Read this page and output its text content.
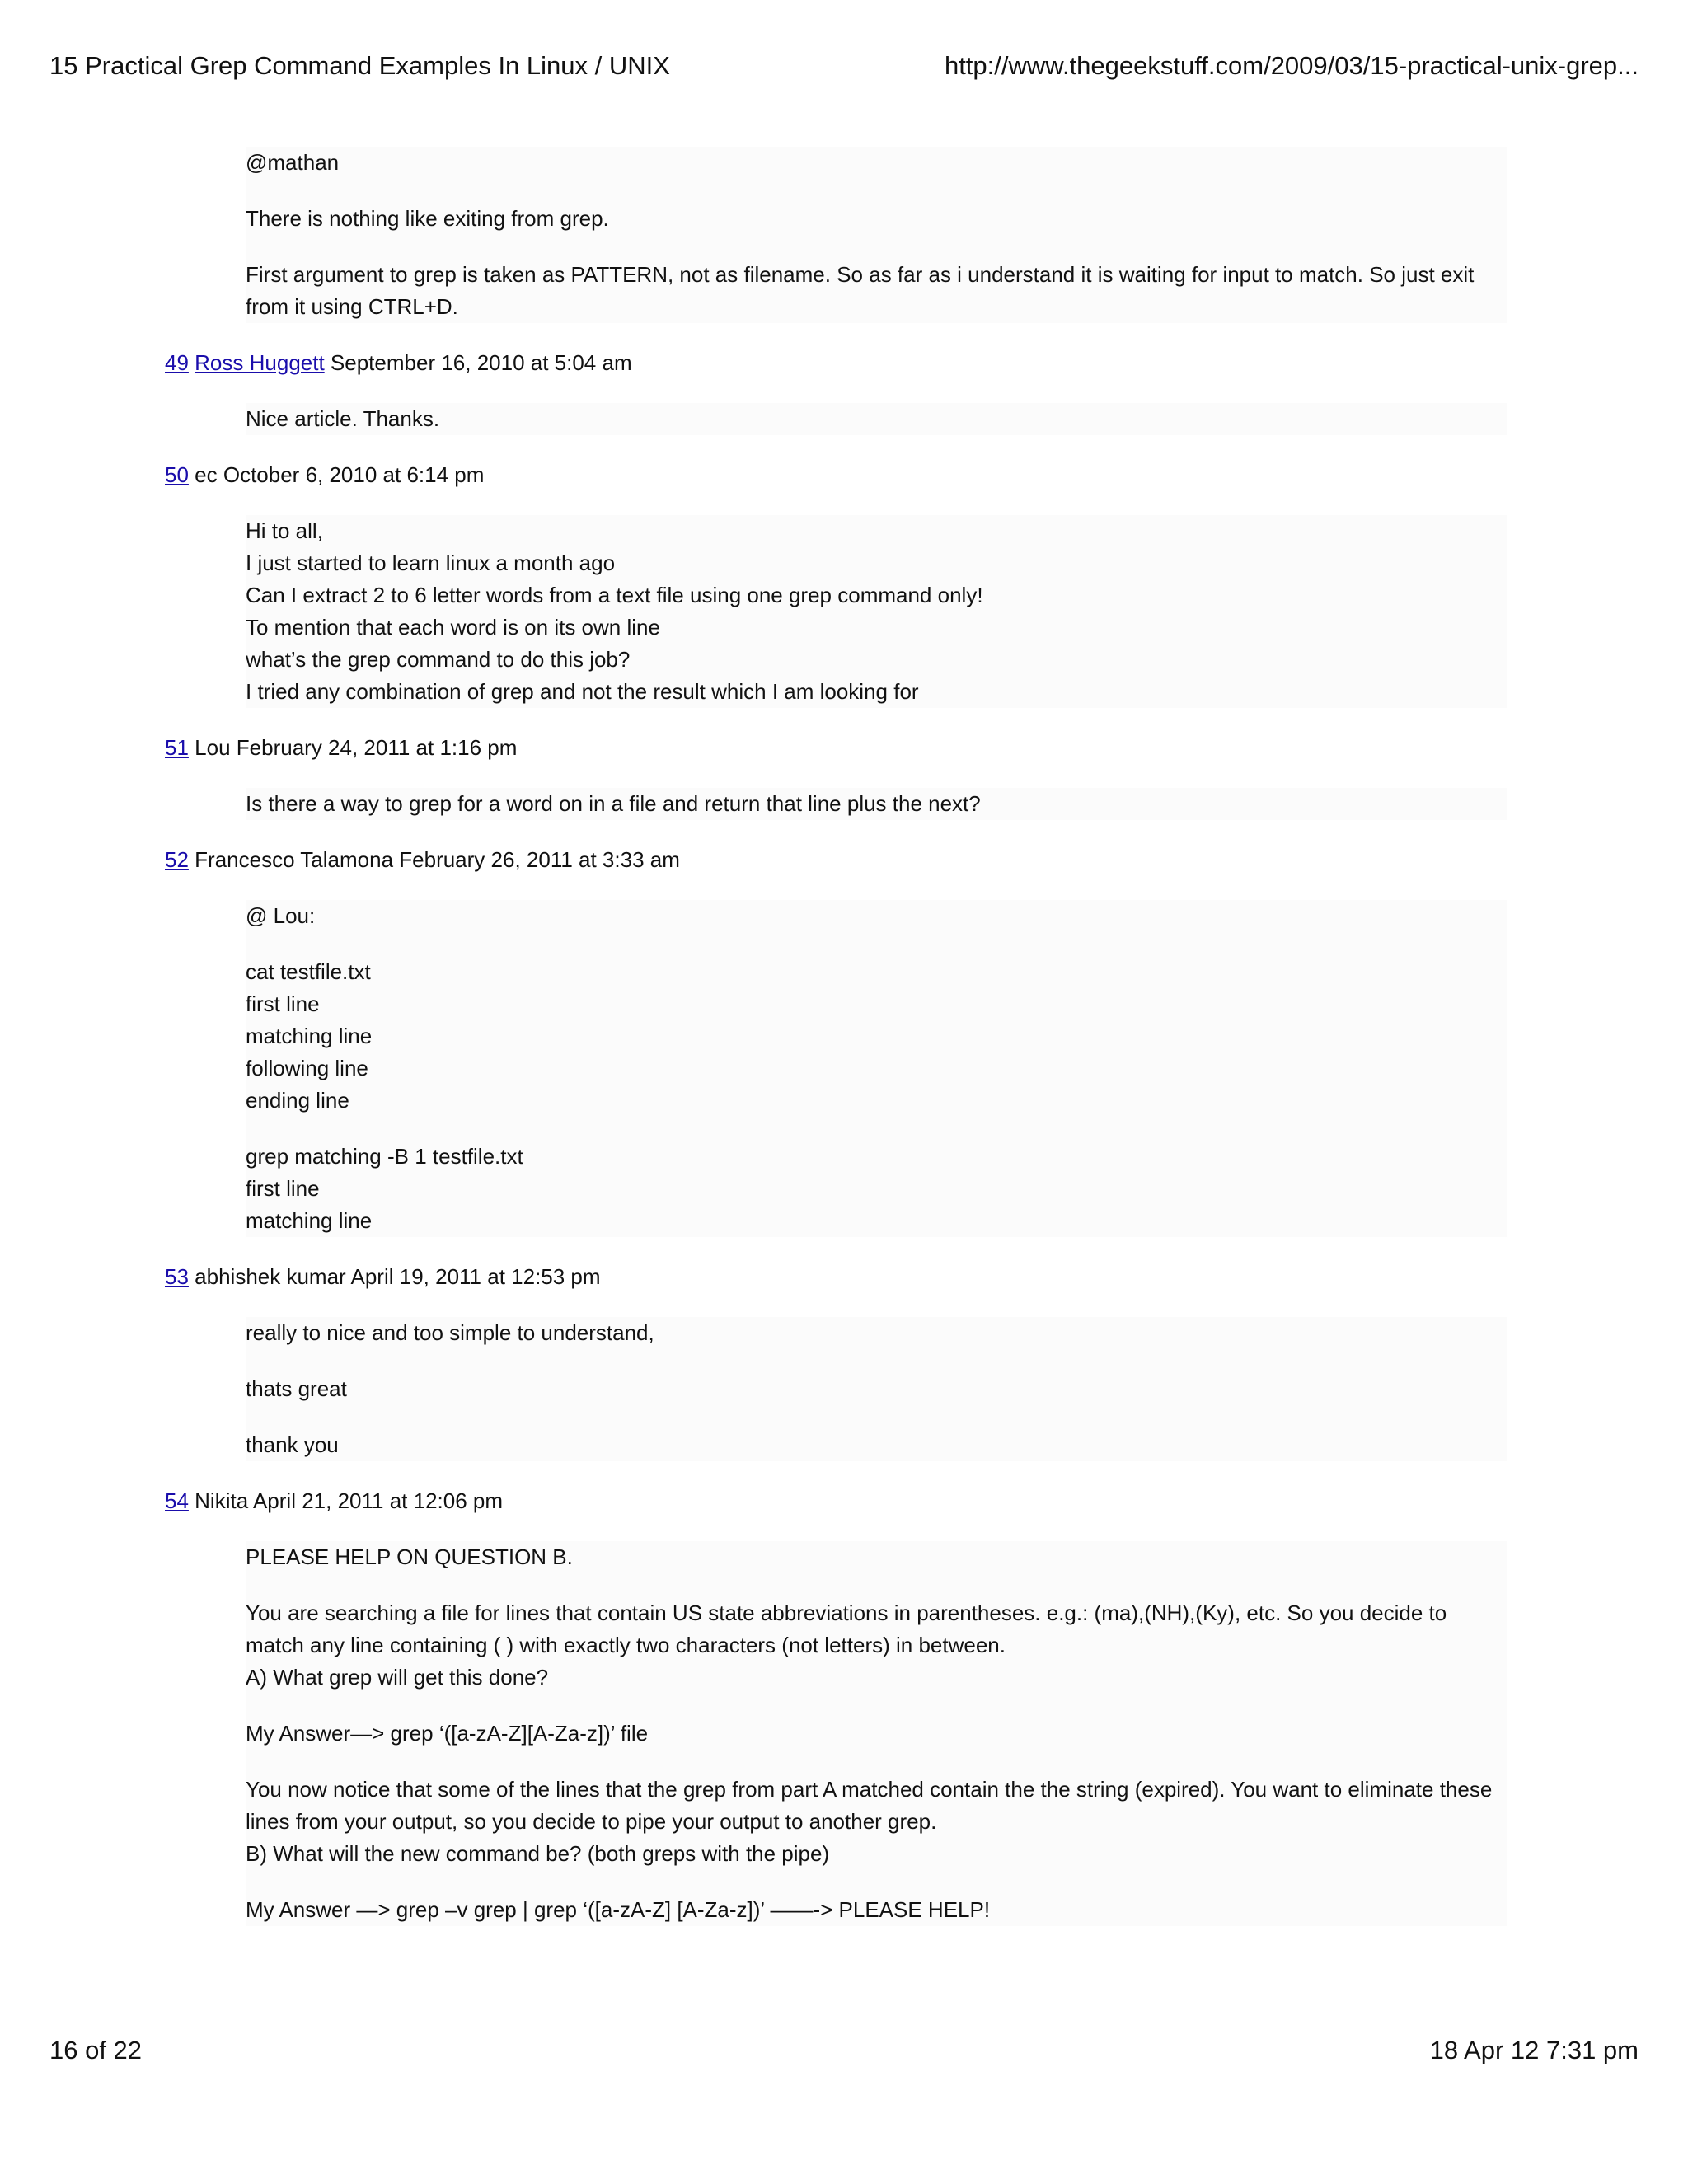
15 Practical Grep Command Examples In Linux / UNIX	http://www.thegeekstuff.com/2009/03/15-practical-unix-grep...

@mathan

There is nothing like exiting from grep.

First argument to grep is taken as PATTERN, not as filename. So as far as i understand it is waiting for input to match. So just exit from it using CTRL+D.

49 Ross Huggett September 16, 2010 at 5:04 am

Nice article. Thanks.

50 ec October 6, 2010 at 6:14 pm

Hi to all,
I just started to learn linux a month ago
Can I extract 2 to 6 letter words from a text file using one grep command only!
To mention that each word is on its own line
what’s the grep command to do this job?
I tried any combination of grep and not the result which I am looking for

51 Lou February 24, 2011 at 1:16 pm

Is there a way to grep for a word on in a file and return that line plus the next?

52 Francesco Talamona February 26, 2011 at 3:33 am

@ Lou:

cat testfile.txt
first line
matching line
following line
ending line

grep matching -B 1 testfile.txt
first line
matching line

53 abhishek kumar April 19, 2011 at 12:53 pm

really to nice and too simple to understand,

thats great

thank you

54 Nikita April 21, 2011 at 12:06 pm

PLEASE HELP ON QUESTION B.

You are searching a file for lines that contain US state abbreviations in parentheses. e.g.: (ma),(NH),(Ky), etc. So you decide to match any line containing ( ) with exactly two characters (not letters) in between.
A) What grep will get this done?

My Answer—> grep ‘([a-zA-Z][A-Za-z])’ file

You now notice that some of the lines that the grep from part A matched contain the the string (expired). You want to eliminate these lines from your output, so you decide to pipe your output to another grep.
B) What will the new command be? (both greps with the pipe)

My Answer —> grep –v grep | grep ‘([a-zA-Z] [A-Za-z])’ ——-> PLEASE HELP!

16 of 22	18 Apr 12 7:31 pm
